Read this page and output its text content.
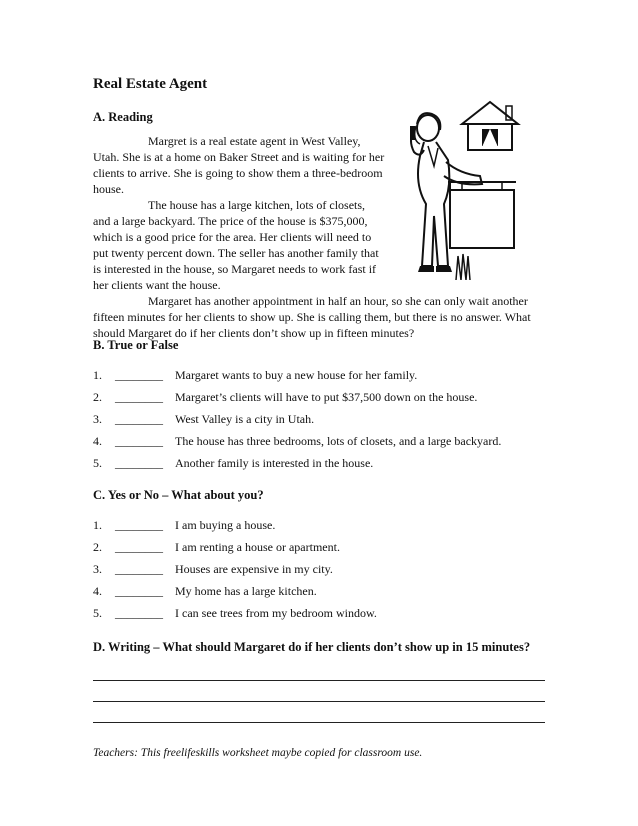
Real Estate Agent
A. Reading

Margret is a real estate agent in West Valley, Utah. She is at a home on Baker Street and is waiting for her clients to arrive. She is going to show them a three-bedroom house.

The house has a large kitchen, lots of closets, and a large backyard. The price of the house is $375,000, which is a good price for the area. Her clients will need to put twenty percent down. The seller has another family that is interested in the house, so Margaret needs to work fast if her clients want the house.

Margaret has another appointment in half an hour, so she can only wait another fifteen minutes for her clients to show up. She is calling them, but there is no answer. What should Margaret do if her clients don’t show up in fifteen minutes?

B. True or False
1. ________ Margaret wants to buy a new house for her family.
2. ________ Margaret’s clients will have to put $37,500 down on the house.
3. ________ West Valley is a city in Utah.
4. ________ The house has three bedrooms, lots of closets, and a large backyard.
5. ________ Another family is interested in the house.
C. Yes or No – What about you?
1. ________ I am buying a house.
2. ________ I am renting a house or apartment.
3. ________ Houses are expensive in my city.
4. ________ My home has a large kitchen.
5. ________ I can see trees from my bedroom window.
D. Writing – What should Margaret do if her clients don’t show up in 15 minutes?
Teachers: This freelifeskills worksheet maybe copied for classroom use.
